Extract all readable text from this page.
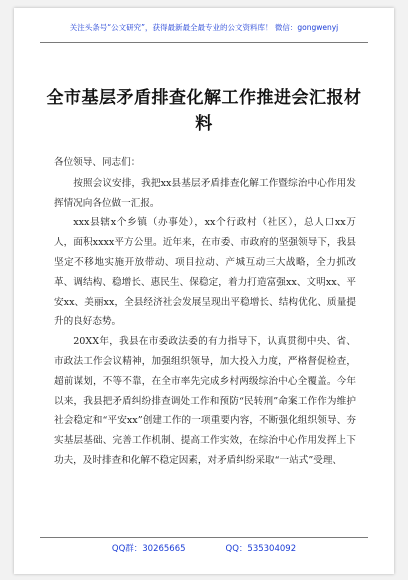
关注头条号“公文研究”，获得最新最全最专业的公文资料库！ 微信：gongwenyj
全市基层矛盾排查化解工作推进会汇报材料

各位领导、同志们：

按照会议安排，我把xx县基层矛盾排查化解工作暨综治中心作用发挥情况向各位做一汇报。

xxx县辖x个乡镇（办事处），xx个行政村（社区），总人口xx万人，面积xxxx平方公里。近年来，在市委、市政府的坚强领导下，我县坚定不移地实施开放带动、项目拉动、产城互动三大战略，全力抓改革、调结构、稳增长、惠民生、保稳定，着力打造富强xx、文明xx、平安xx、美丽xx，全县经济社会发展呈现出平稳增长、结构优化、质量提升的良好态势。

20XX年，我县在市委政法委的有力指导下，认真贯彻中央、省、市政法工作会议精神，加强组织领导，加大投入力度，严格督促检查，超前谋划，不等不靠，在全市率先完成乡村两级综治中心全覆盖。今年以来，我县把矛盾纠纷排查调处工作和预防“民转刑”命案工作作为维护社会稳定和“平安xx”创建工作的一项重要内容，不断强化组织领导、夯实基层基础、完善工作机制、提高工作实效，在综治中心作用发挥上下功夫，及时排查和化解不稳定因素，对矛盾纠纷采取“一站式”受理、

QQ群：30265665	QQ：535304092
